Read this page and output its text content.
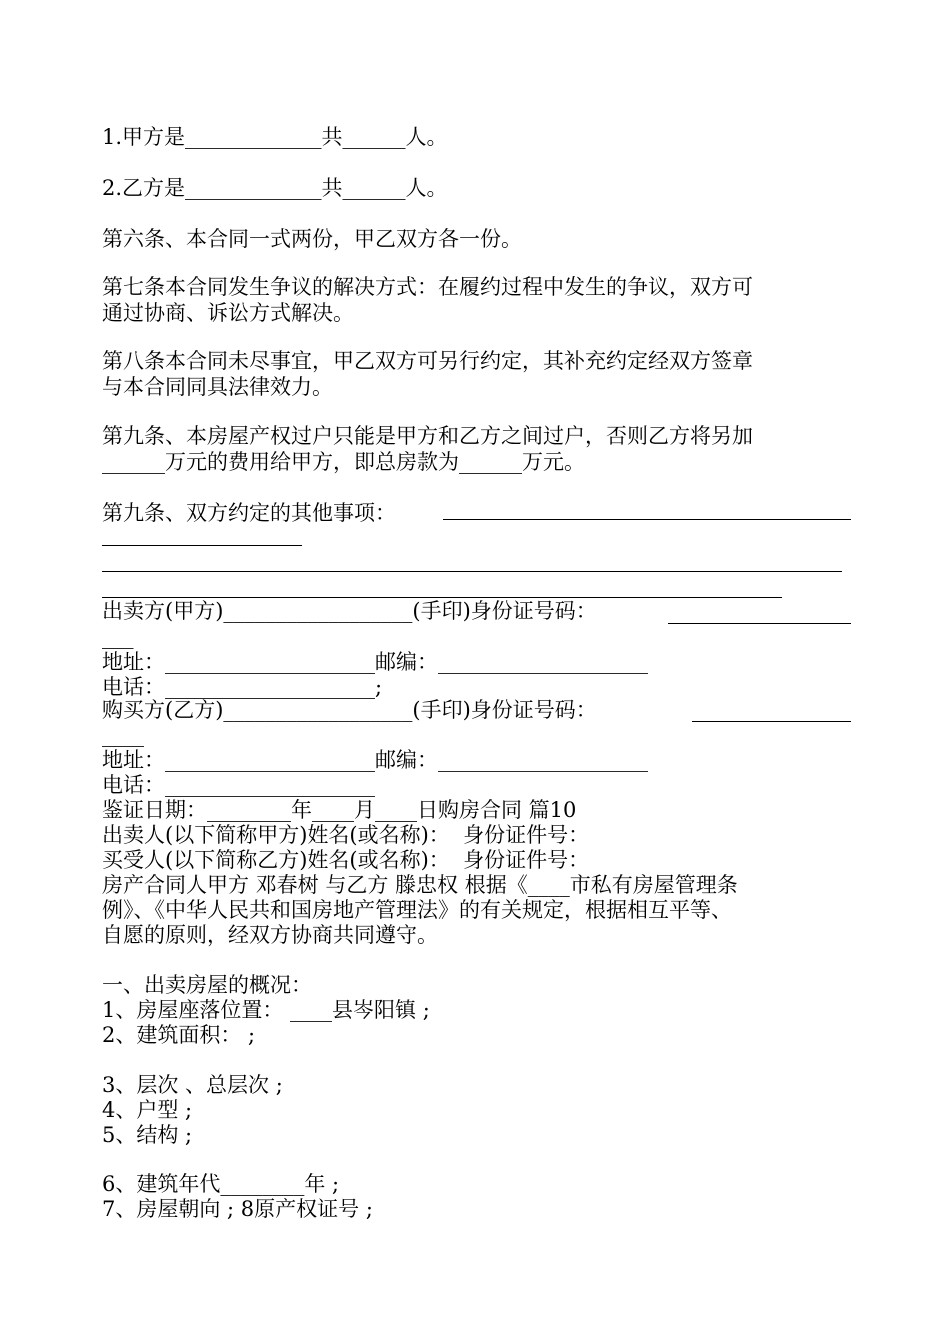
1.甲方是_____________共______人。

2.乙方是_____________共______人。

第六条、本合同一式两份，甲乙双方各一份。

第七条本合同发生争议的解决方式：在履约过程中发生的争议，双方可

通过协商、诉讼方式解决。

第八条本合同未尽事宜，甲乙双方可另行约定，其补充约定经双方签章

与本合同同具法律效力。

第九条、本房屋产权过户只能是甲方和乙方之间过户，否则乙方将另加

______万元的费用给甲方，即总房款为______万元。

第九条、双方约定的其他事项：

出卖方(甲方)__________________(手印)身份证号码：

___

地址：____________________邮编：____________________

电话：____________________;

购买方(乙方)__________________(手印)身份证号码：

____

地址：____________________邮编：____________________

电话：____________________

鉴证日期：________年____月____日购房合同 篇10

出卖人(以下简称甲方)姓名(或名称)：  身份证件号：

买受人(以下简称乙方)姓名(或名称)：  身份证件号：

房产合同人甲方 邓春树 与乙方 滕忠权 根据《____市私有房屋管理条

例》、《中华人民共和国房地产管理法》的有关规定，根据相互平等、

自愿的原则，经双方协商共同遵守。

一、出卖房屋的概况：

1、房屋座落位置： ____县岑阳镇 ;

2、建筑面积： ;

3、层次 、总层次 ;

4、户型 ;

5、结构 ;

6、建筑年代________年 ;

7、房屋朝向 ; 8原产权证号 ;
